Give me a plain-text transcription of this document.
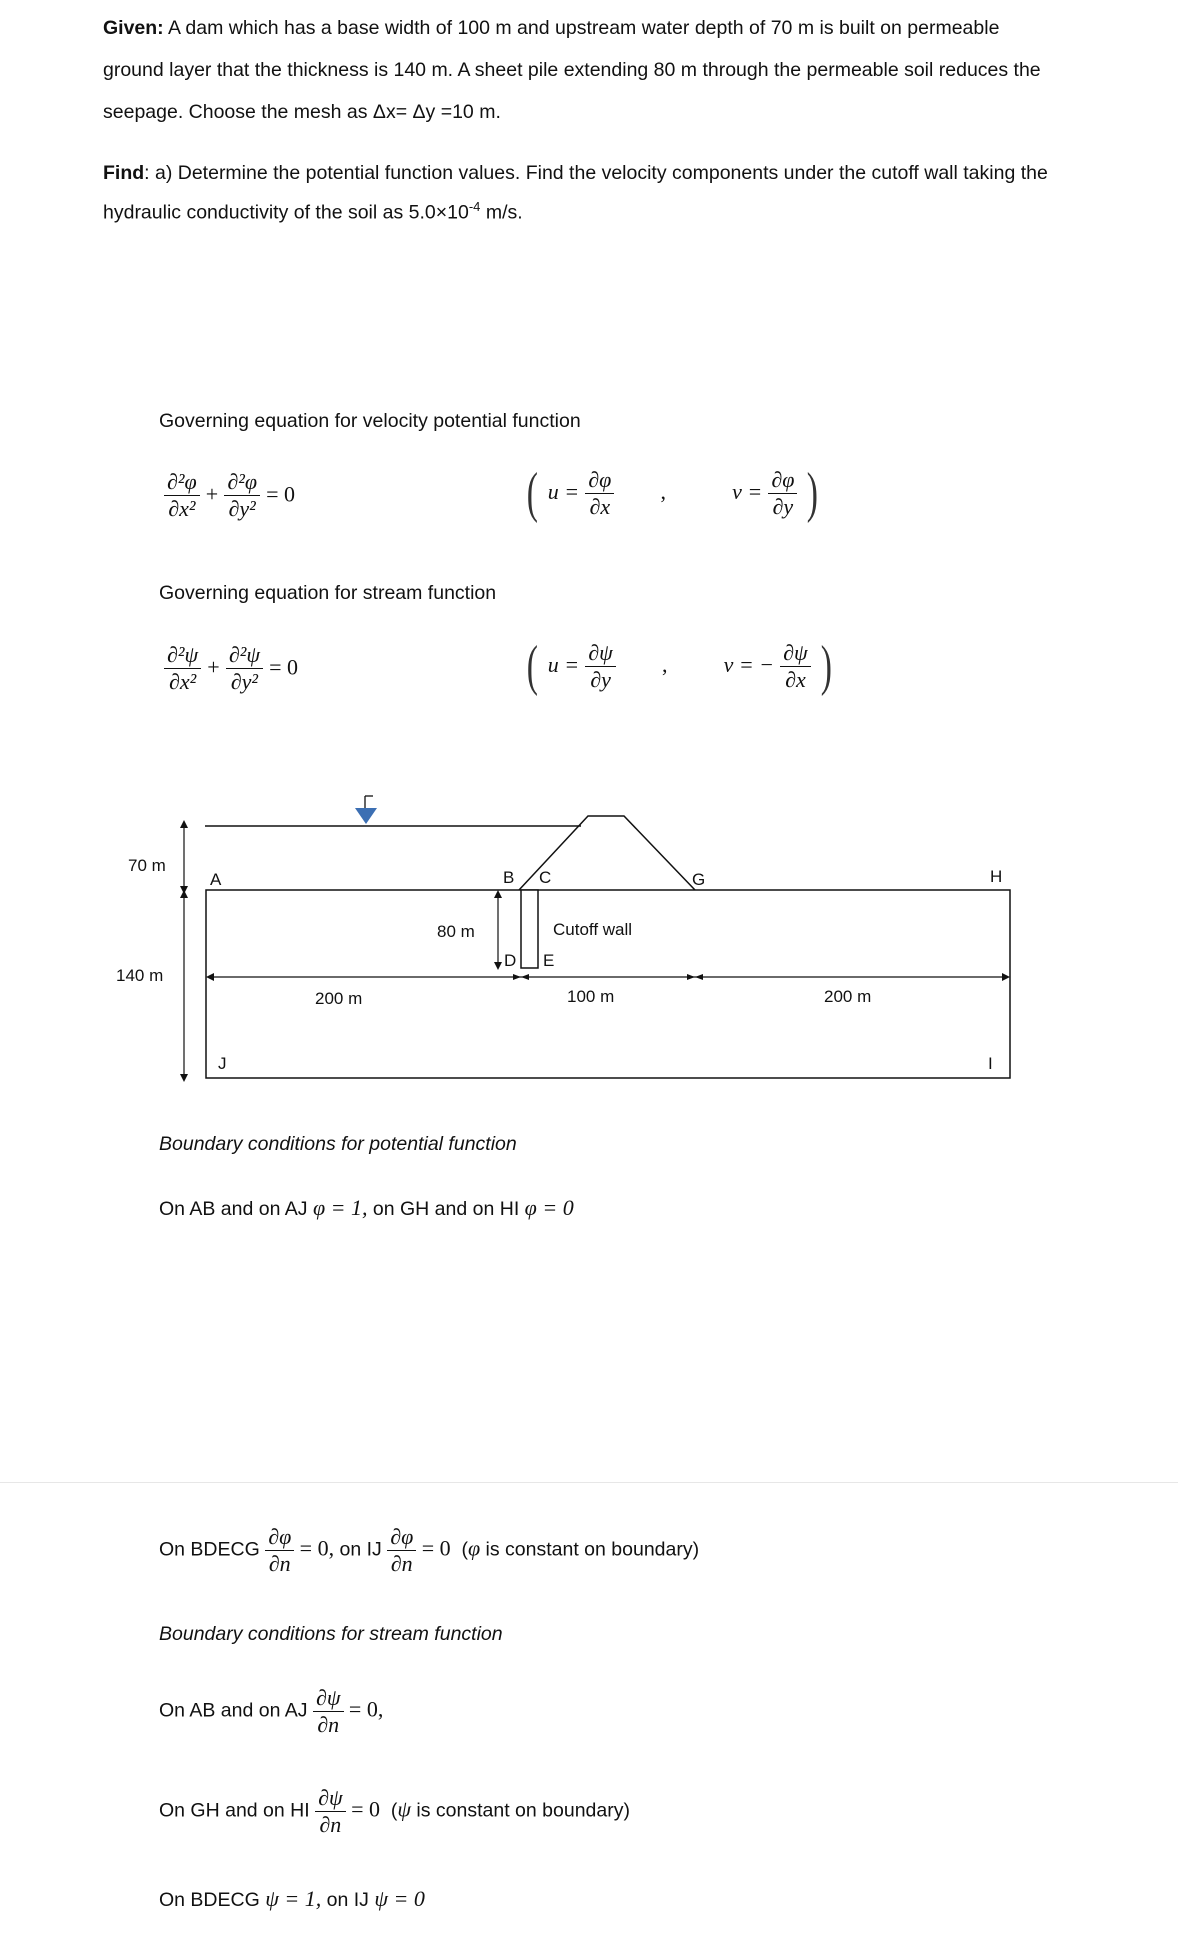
Given: A dam which has a base width of 100 m and upstream water depth of 70 m is built on permeable ground layer that the thickness is 140 m. A sheet pile extending 80 m through the permeable soil reduces the seepage. Choose the mesh as Δx= Δy =10 m.
Find: a) Determine the potential function values. Find the velocity components under the cutoff wall taking the hydraulic conductivity of the soil as $5.0\times 10^{-4}$ m/s.
Governing equation for velocity potential function
$\frac{\text{∂²φ}}{\text{∂x²}} + \frac{\text{∂²φ}}{\text{∂y²}} = 0$	( $u = \frac{\partial\varphi}{\partial x}$ ,	$v = \frac{\partial\varphi}{\partial y}$ )
Governing equation for stream function
$\frac{\text{∂²ψ}}{\text{∂x²}} + \frac{\text{∂²ψ}}{\text{∂y²}} = 0$	( $u = \frac{\partial\psi}{\partial y}$ ,	v = − $\frac{\partial\psi}{\partial x}$ )
70 m
140 m
80 m	Cutoff wall
200 m	100 m	200 m
A	B C
D E
G	H
I
J
Boundary conditions for potential function
On AB and on AJ φ = 1, on GH and on HI φ = 0
On BDECG $\frac{\partial\varphi}{\partial n} = 0$, on IJ $\frac{\partial\varphi}{\partial n} = 0$ (φ is constant on boundary)
Boundary conditions for stream function
On AB and on AJ $\frac{\partial\psi}{\partial n} = 0$,
On GH and on HI $\frac{\partial\psi}{\partial n} = 0$ (ψ is constant on boundary)
On BDECG ψ = 1, on IJ ψ = 0
